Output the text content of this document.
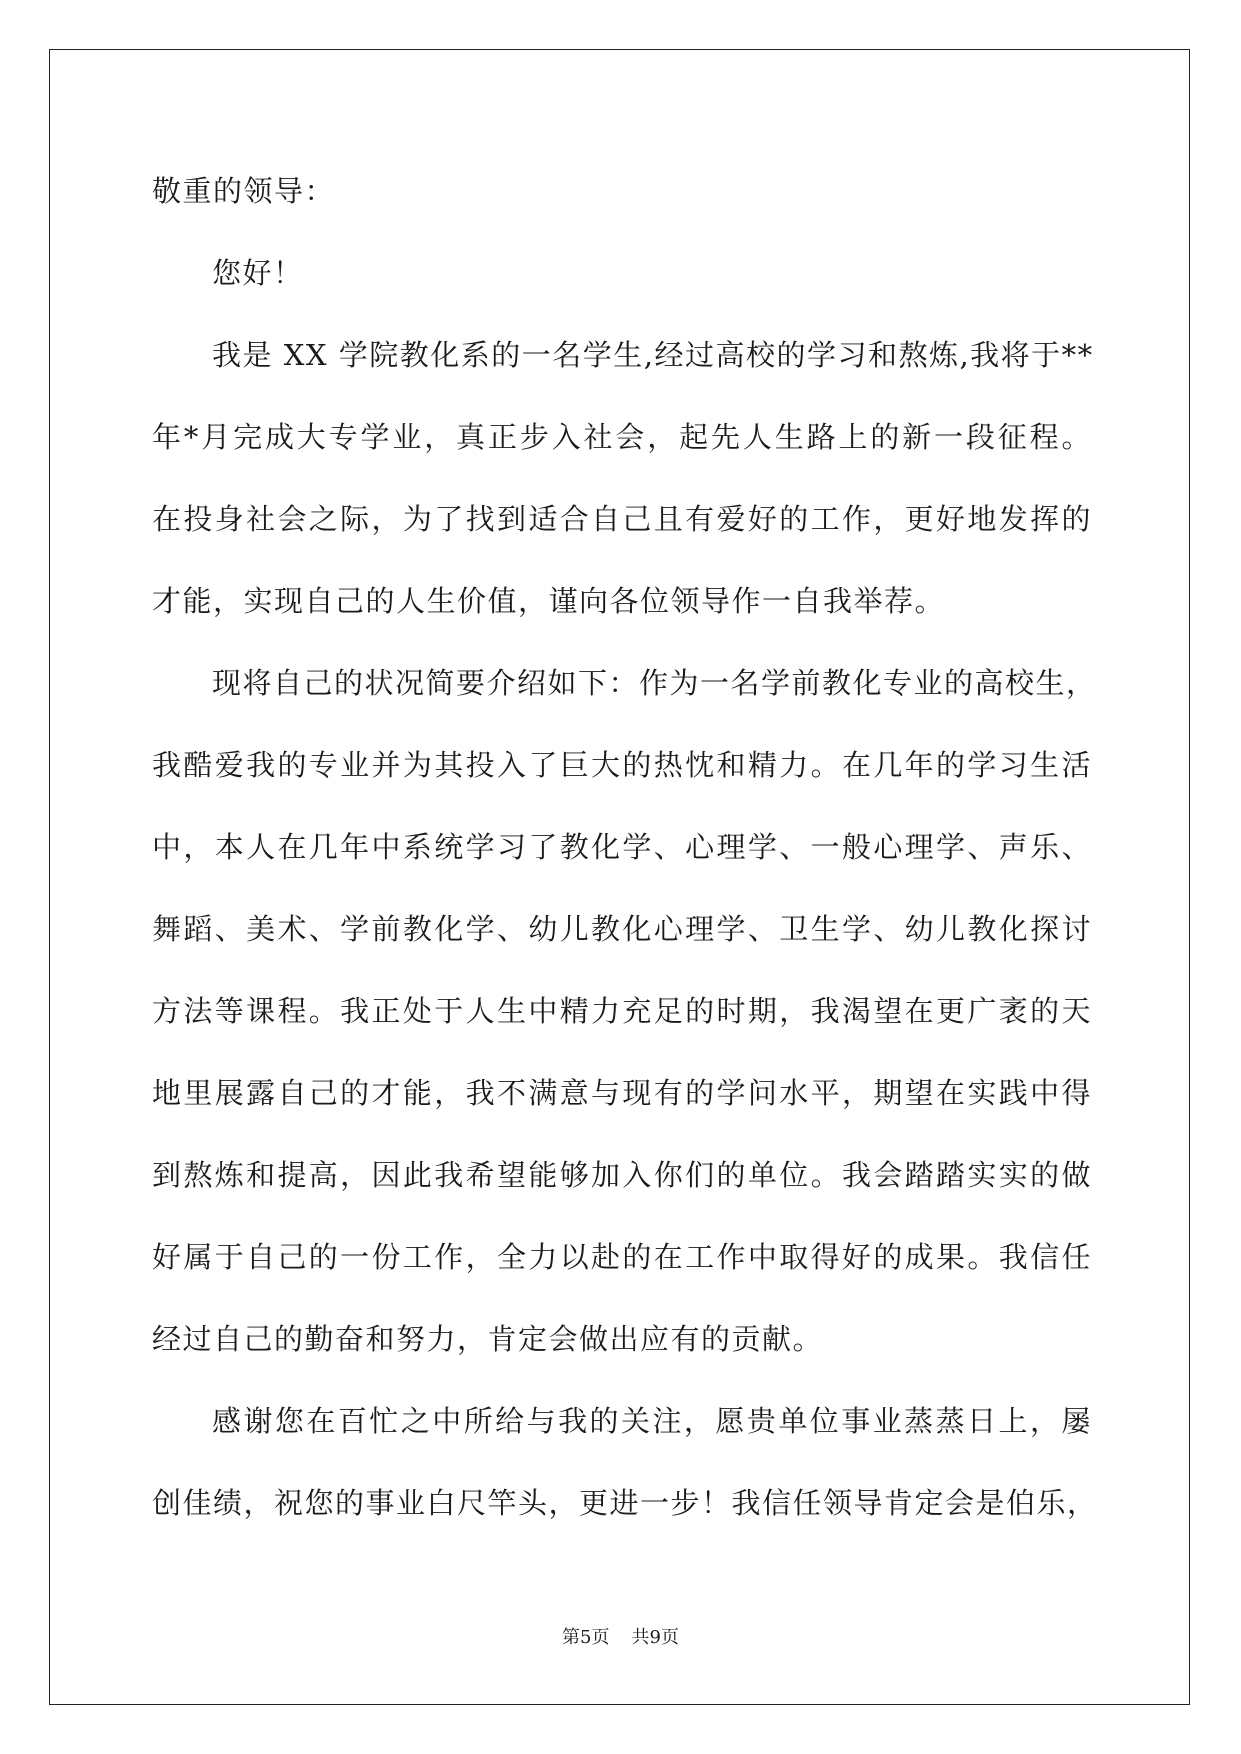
敬重的领导：
您好！
我是 XX 学院教化系的一名学生,经过高校的学习和熬炼,我将于**
年*月完成大专学业，真正步入社会，起先人生路上的新一段征程。
在投身社会之际，为了找到适合自己且有爱好的工作，更好地发挥的
才能，实现自己的人生价值，谨向各位领导作一自我举荐。
现将自己的状况简要介绍如下：作为一名学前教化专业的高校生，
我酷爱我的专业并为其投入了巨大的热忱和精力。在几年的学习生活
中，本人在几年中系统学习了教化学、心理学、一般心理学、声乐、
舞蹈、美术、学前教化学、幼儿教化心理学、卫生学、幼儿教化探讨
方法等课程。我正处于人生中精力充足的时期，我渴望在更广袤的天
地里展露自己的才能，我不满意与现有的学问水平，期望在实践中得
到熬炼和提高，因此我希望能够加入你们的单位。我会踏踏实实的做
好属于自己的一份工作，全力以赴的在工作中取得好的成果。我信任
经过自己的勤奋和努力，肯定会做出应有的贡献。
感谢您在百忙之中所给与我的关注，愿贵单位事业蒸蒸日上，屡
创佳绩，祝您的事业白尺竿头，更进一步！我信任领导肯定会是伯乐，
第5页 共9页
